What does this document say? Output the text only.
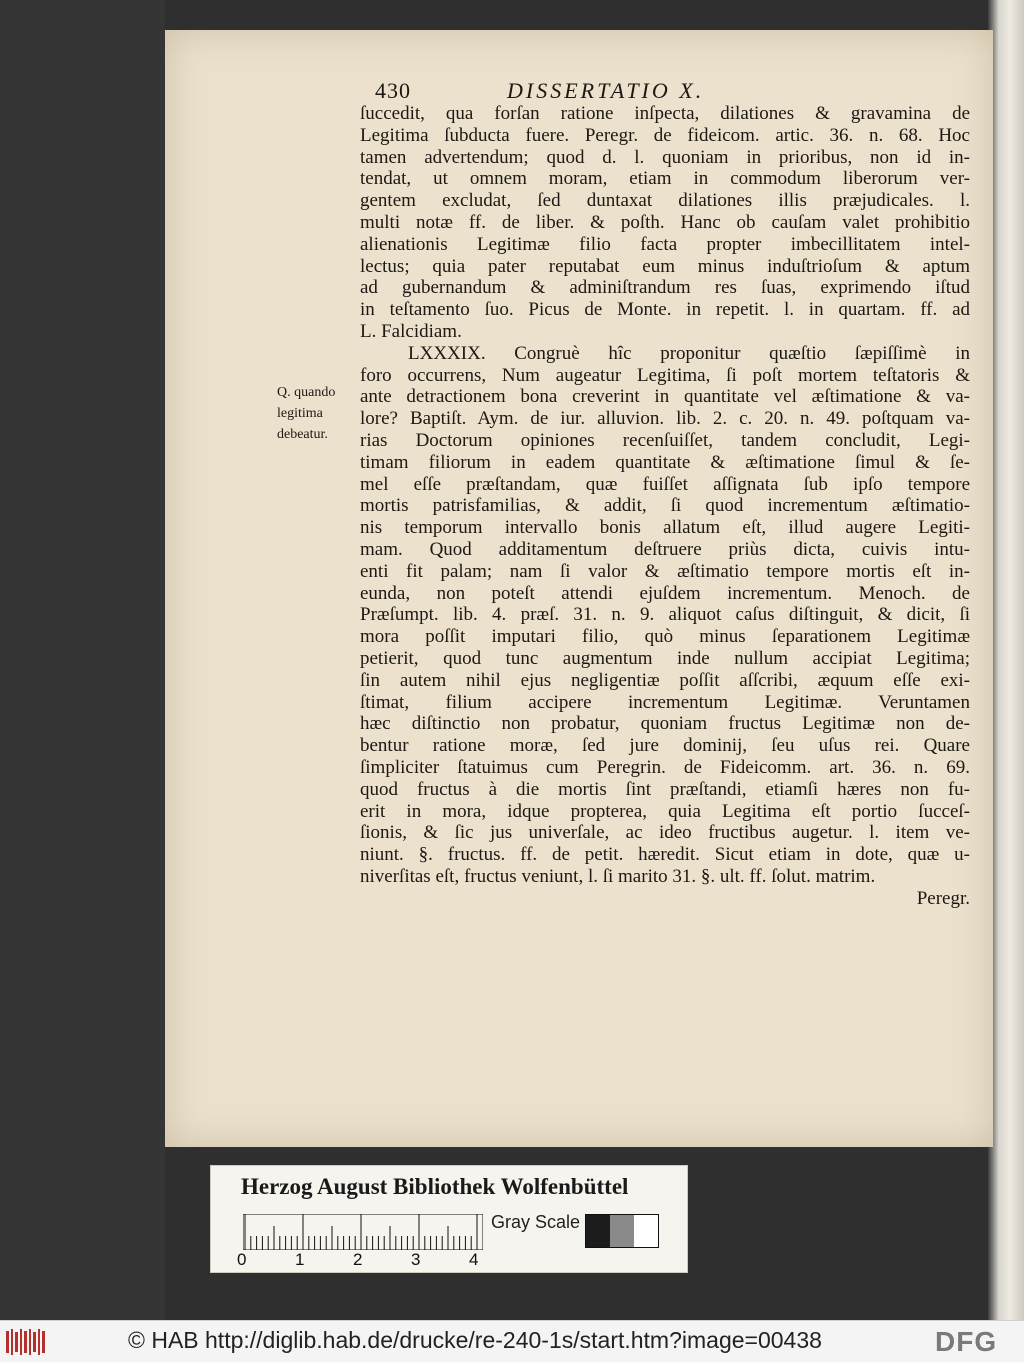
430	DISSERTATIO X.
Q. quando
legitima
debeatur.
ſuccedit, qua forſan ratione inſpecta, dilationes & gravamina de
Legitima ſubducta fuere. Peregr. de fideicom. artic. 36. n. 68. Hoc
tamen advertendum; quod d. l. quoniam in prioribus, non id in-
tendat, ut omnem moram, etiam in commodum liberorum ver-
gentem excludat, ſed duntaxat dilationes illis præjudicales. l.
multi notæ ff. de liber. & poſth. Hanc ob cauſam valet prohibitio
alienationis Legitimæ filio facta propter imbecillitatem intel-
lectus; quia pater reputabat eum minus induſtrioſum & aptum
ad gubernandum & adminiſtrandum res ſuas, exprimendo iſtud
in teſtamento ſuo. Picus de Monte. in repetit. l. in quartam. ff. ad
L. Falcidiam.
LXXXIX. Congruè hîc proponitur quæſtio ſæpiſſimè in
foro occurrens, Num augeatur Legitima, ſi poſt mortem teſtatoris &
ante detractionem bona creverint in quantitate vel æſtimatione & va-
lore? Baptiſt. Aym. de iur. alluvion. lib. 2. c. 20. n. 49. poſtquam va-
rias Doctorum opiniones recenſuiſſet, tandem concludit, Legi-
timam filiorum in eadem quantitate & æſtimatione ſimul & ſe-
mel eſſe præſtandam, quæ fuiſſet aſſignata ſub ipſo tempore
mortis patrisfamilias, & addit, ſi quod incrementum æſtimatio-
nis temporum intervallo bonis allatum eſt, illud augere Legiti-
mam. Quod additamentum deſtruere priùs dicta, cuivis intu-
enti fit palam; nam ſi valor & æſtimatio tempore mortis eſt in-
eunda, non poteſt attendi ejuſdem incrementum. Menoch. de
Præſumpt. lib. 4. præſ. 31. n. 9. aliquot caſus diſtinguit, & dicit, ſi
mora poſſit imputari filio, quò minus ſeparationem Legitimæ
petierit, quod tunc augmentum inde nullum accipiat Legitima;
ſin autem nihil ejus negligentiæ poſſit aſſcribi, æquum eſſe exi-
ſtimat, filium accipere incrementum Legitimæ. Veruntamen
hæc diſtinctio non probatur, quoniam fructus Legitimæ non de-
bentur ratione moræ, ſed jure dominij, ſeu uſus rei. Quare
ſimpliciter ſtatuimus cum Peregrin. de Fideicomm. art. 36. n. 69.
quod fructus à die mortis ſint præſtandi, etiamſi hæres non fu-
erit in mora, idque propterea, quia Legitima eſt portio ſucceſ-
ſionis, & ſic jus univerſale, ac ideo fructibus augetur. l. item ve-
niunt. §. fructus. ff. de petit. hæredit. Sicut etiam in dote, quæ u-
niverſitas eſt, fructus veniunt, l. ſi marito 31. §. ult. ff. ſolut. matrim.
Peregr.
Herzog August Bibliothek Wolfenbüttel
0	1	2	3	4
Gray Scale
© HAB http://diglib.hab.de/drucke/re-240-1s/start.htm?image=00438	DFG
